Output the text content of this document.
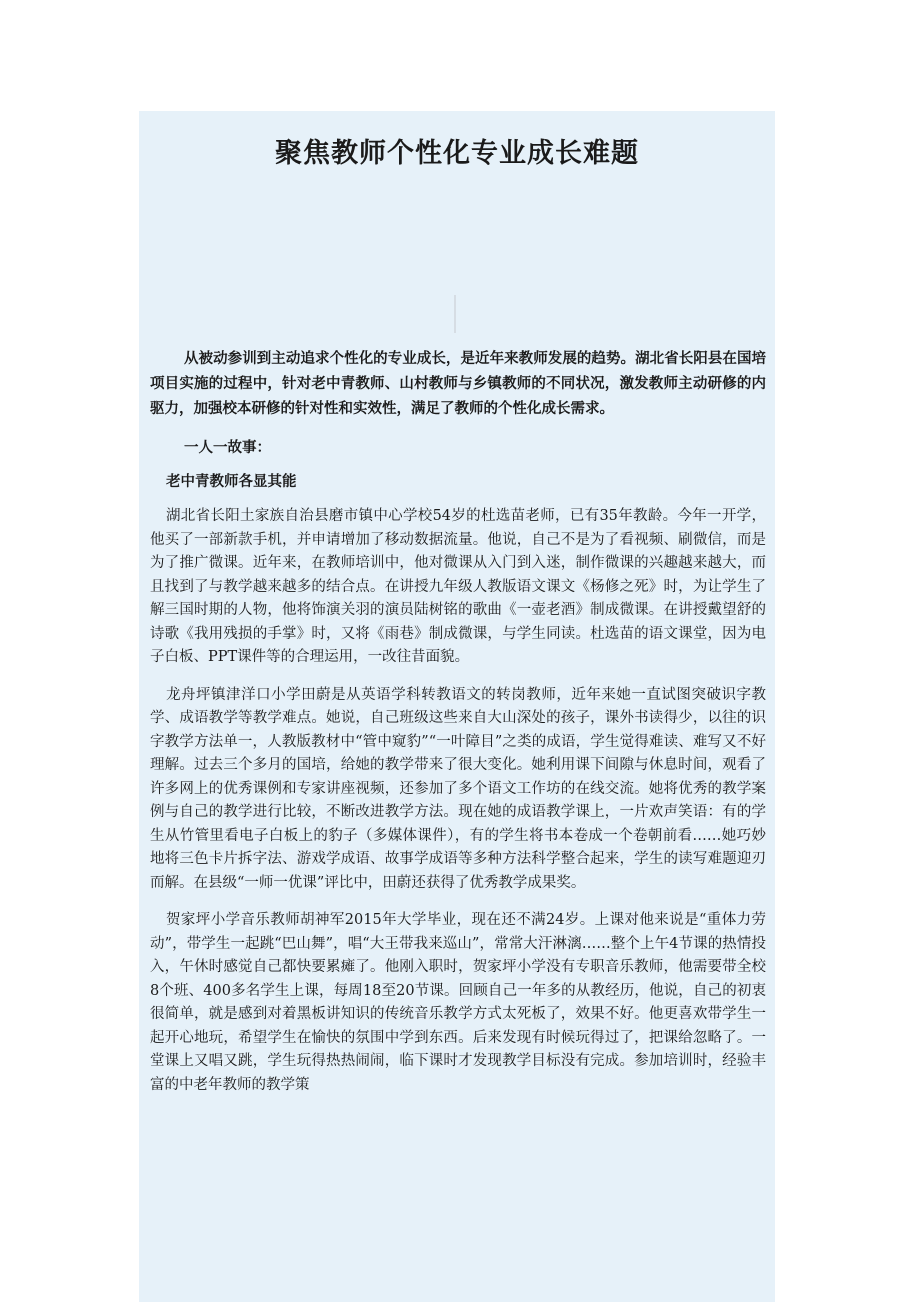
聚焦教师个性化专业成长难题

从被动参训到主动追求个性化的专业成长，是近年来教师发展的趋势。湖北省长阳县在国培项目实施的过程中，针对老中青教师、山村教师与乡镇教师的不同状况，激发教师主动研修的内驱力，加强校本研修的针对性和实效性，满足了教师的个性化成长需求。

一人一故事：

老中青教师各显其能

湖北省长阳土家族自治县磨市镇中心学校54岁的杜选苗老师，已有35年教龄。今年一开学，他买了一部新款手机，并申请增加了移动数据流量。他说，自己不是为了看视频、刷微信，而是为了推广微课。近年来，在教师培训中，他对微课从入门到入迷，制作微课的兴趣越来越大，而且找到了与教学越来越多的结合点。在讲授九年级人教版语文课文《杨修之死》时，为让学生了解三国时期的人物，他将饰演关羽的演员陆树铭的歌曲《一壶老酒》制成微课。在讲授戴望舒的诗歌《我用残损的手掌》时，又将《雨巷》制成微课，与学生同读。杜选苗的语文课堂，因为电子白板、PPT课件等的合理运用，一改往昔面貌。

龙舟坪镇津洋口小学田蔚是从英语学科转教语文的转岗教师，近年来她一直试图突破识字教学、成语教学等教学难点。她说，自己班级这些来自大山深处的孩子，课外书读得少，以往的识字教学方法单一，人教版教材中“管中窥豹”“一叶障目”之类的成语，学生觉得难读、难写又不好理解。过去三个多月的国培，给她的教学带来了很大变化。她利用课下间隙与休息时间，观看了许多网上的优秀课例和专家讲座视频，还参加了多个语文工作坊的在线交流。她将优秀的教学案例与自己的教学进行比较，不断改进教学方法。现在她的成语教学课上，一片欢声笑语：有的学生从竹管里看电子白板上的豹子（多媒体课件），有的学生将书本卷成一个卷朝前看……她巧妙地将三色卡片拆字法、游戏学成语、故事学成语等多种方法科学整合起来，学生的读写难题迎刃而解。在县级“一师一优课”评比中，田蔚还获得了优秀教学成果奖。

贺家坪小学音乐教师胡神军2015年大学毕业，现在还不满24岁。上课对他来说是“重体力劳动”，带学生一起跳“巴山舞”，唱“大王带我来巡山”，常常大汗淋漓……整个上午4节课的热情投入，午休时感觉自己都快要累瘫了。他刚入职时，贺家坪小学没有专职音乐教师，他需要带全校8个班、400多名学生上课，每周18至20节课。回顾自己一年多的从教经历，他说，自己的初衷很简单，就是感到对着黑板讲知识的传统音乐教学方式太死板了，效果不好。他更喜欢带学生一起开心地玩，希望学生在愉快的氛围中学到东西。后来发现有时候玩得过了，把课给忽略了。一堂课上又唱又跳，学生玩得热热闹闹，临下课时才发现教学目标没有完成。参加培训时，经验丰富的中老年教师的教学策
